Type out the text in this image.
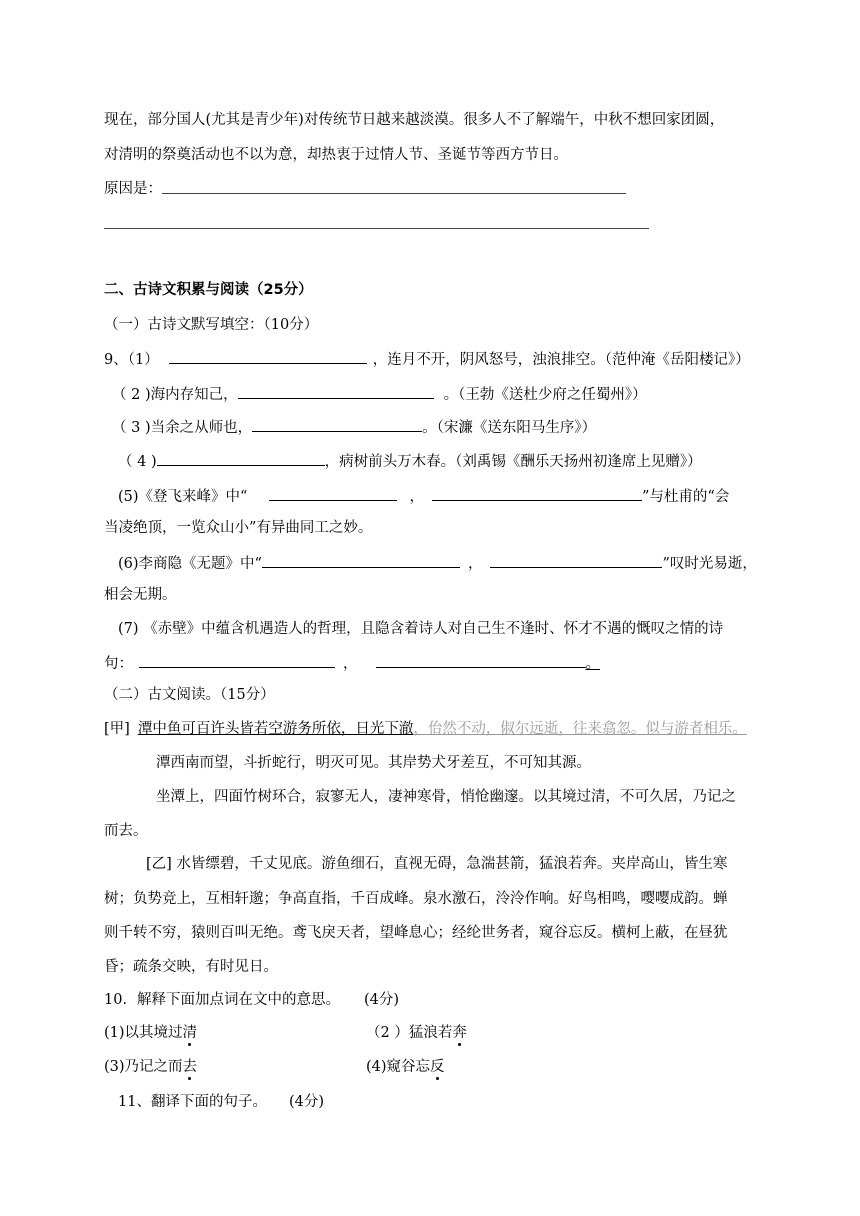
现在，部分国人(尤其是青少年)对传统节日越来越淡漠。很多人不了解端午，中秋不想回家团圆，
对清明的祭奠活动也不以为意，却热衷于过情人节、圣诞节等西方节日。
原因是：
二、古诗文积累与阅读（25分）
（一）古诗文默写填空：（10分）
9、（1）	，连月不开，阴风怒号，浊浪排空。（范仲淹《岳阳楼记》）
（ 2 )海内存知己，	。（王勃《送杜少府之任蜀州》）
（ 3 )当余之从师也，	。（宋濂《送东阳马生序》）
（ 4 )	，病树前头万木春。（刘禹锡《酬乐天扬州初逢席上见赠》）
(5)《登飞来峰》中“	，	”与杜甫的“会
当凌绝顶，一览众山小”有异曲同工之妙。
(6)李商隐《无题》中“	，	”叹时光易逝，
相会无期。
(7) 《赤壁》中蕴含机遇造人的哲理，且隐含着诗人对自己生不逢时、怀才不遇的慨叹之情的诗
句：	，	。
（二）古文阅读。（15分）
[甲] 潭中鱼可百许头皆若空游务所依，日光下澈，佁然不动，俶尔远逝，往来翕忽。似与游者相乐。
潭西南而望，斗折蛇行，明灭可见。其岸势犬牙差互，不可知其源。
坐潭上，四面竹树环合，寂寥无人，凄神寒骨，悄怆幽邃。以其境过清，不可久居，乃记之
而去。
[乙] 水皆缥碧，千丈见底。游鱼细石，直视无碍，急湍甚箭，猛浪若奔。夹岸高山，皆生寒
树；负势竞上，互相轩邈；争高直指，千百成峰。泉水激石，泠泠作响。好鸟相鸣，嘤嘤成韵。蝉
则千转不穷，猿则百叫无绝。鸢飞戾天者，望峰息心；经纶世务者，窥谷忘反。横柯上蔽，在昼犹
昏；疏条交映，有时见日。
10．解释下面加点词在文中的意思。 (4分)
(1)以其境过清	（2 ）猛浪若奔
(3)乃记之而去	(4)窥谷忘反
11、翻译下面的句子。 (4分)
